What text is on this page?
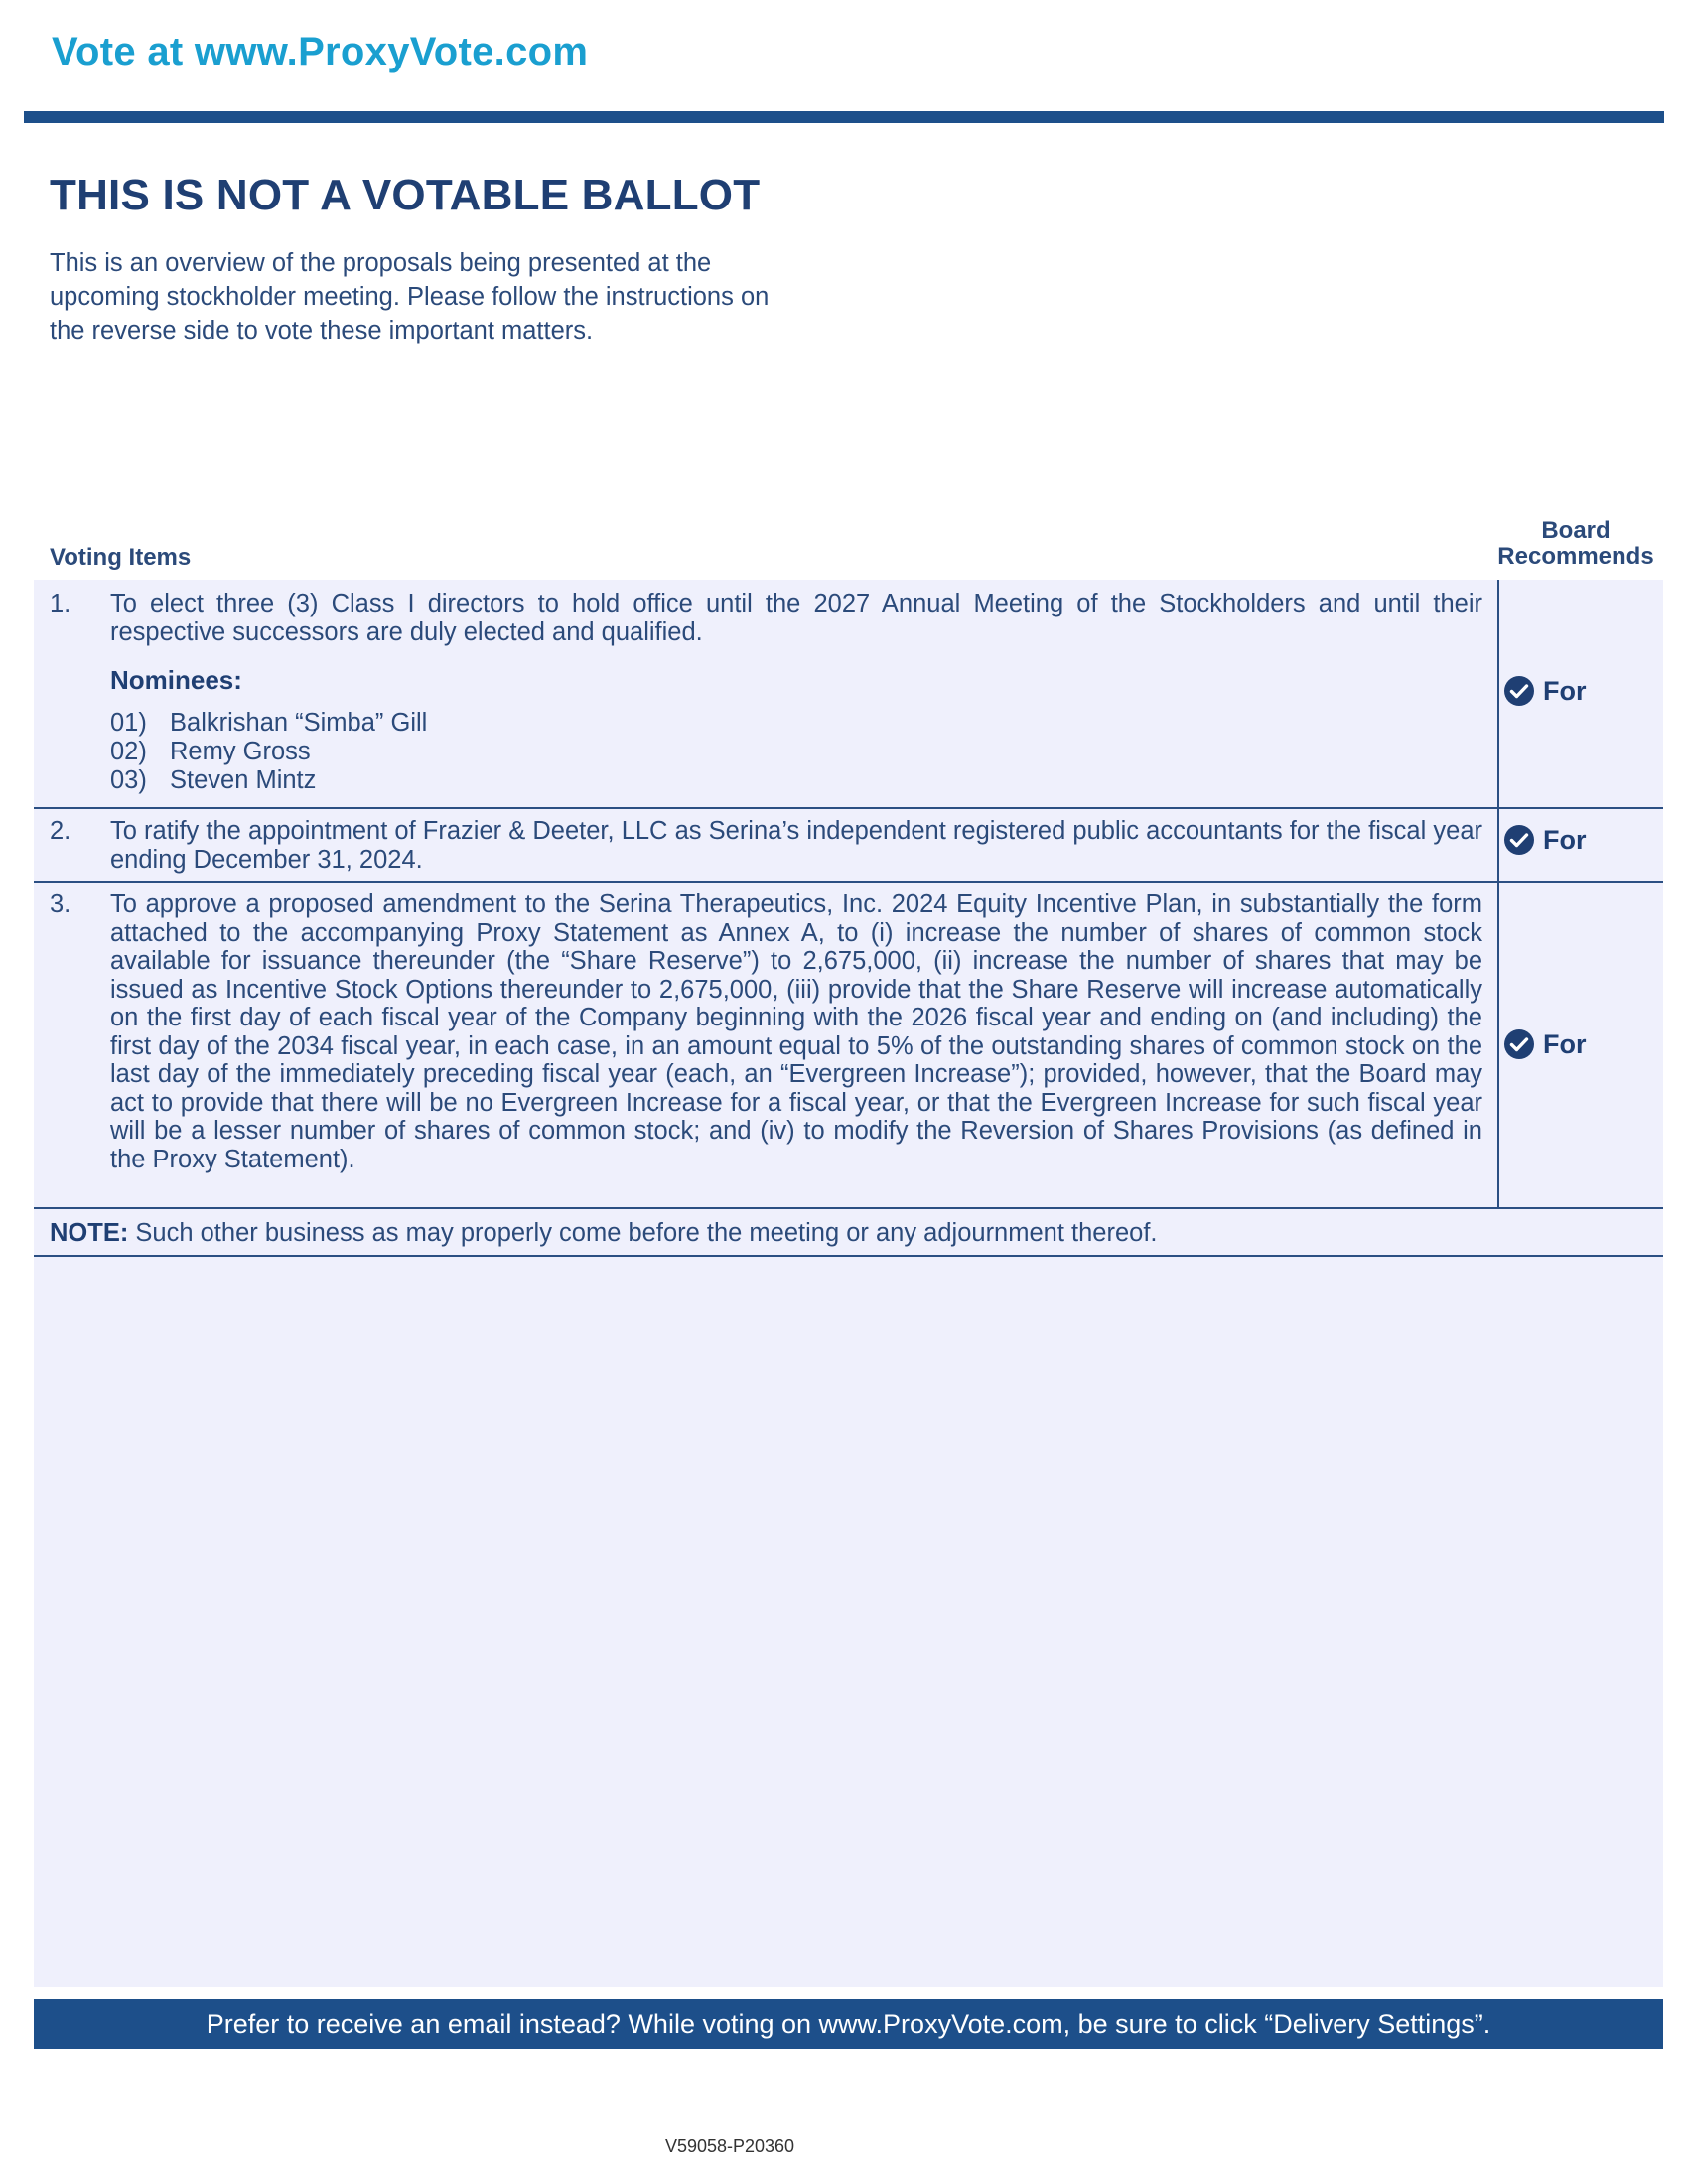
Vote at www.ProxyVote.com
THIS IS NOT A VOTABLE BALLOT
This is an overview of the proposals being presented at the
upcoming stockholder meeting. Please follow the instructions on
the reverse side to vote these important matters.
Voting Items
Board
Recommends
1. To elect three (3) Class I directors to hold office until the 2027 Annual Meeting of the Stockholders and until their respective successors are duly elected and qualified.
Nominees:
01) Balkrishan “Simba” Gill
02) Remy Gross
03) Steven Mintz
For
2. To ratify the appointment of Frazier & Deeter, LLC as Serina’s independent registered public accountants for the fiscal year ending December 31, 2024.
For
3. To approve a proposed amendment to the Serina Therapeutics, Inc. 2024 Equity Incentive Plan, in substantially the form attached to the accompanying Proxy Statement as Annex A, to (i) increase the number of shares of common stock available for issuance thereunder (the “Share Reserve”) to 2,675,000, (ii) increase the number of shares that may be issued as Incentive Stock Options thereunder to 2,675,000, (iii) provide that the Share Reserve will increase automatically on the first day of each fiscal year of the Company beginning with the 2026 fiscal year and ending on (and including) the first day of the 2034 fiscal year, in each case, in an amount equal to 5% of the outstanding shares of common stock on the last day of the immediately preceding fiscal year (each, an “Evergreen Increase”); provided, however, that the Board may act to provide that there will be no Evergreen Increase for a fiscal year, or that the Evergreen Increase for such fiscal year will be a lesser number of shares of common stock; and (iv) to modify the Reversion of Shares Provisions (as defined in the Proxy Statement).
For
NOTE: Such other business as may properly come before the meeting or any adjournment thereof.
Prefer to receive an email instead? While voting on www.ProxyVote.com, be sure to click “Delivery Settings”.
V59058-P20360
